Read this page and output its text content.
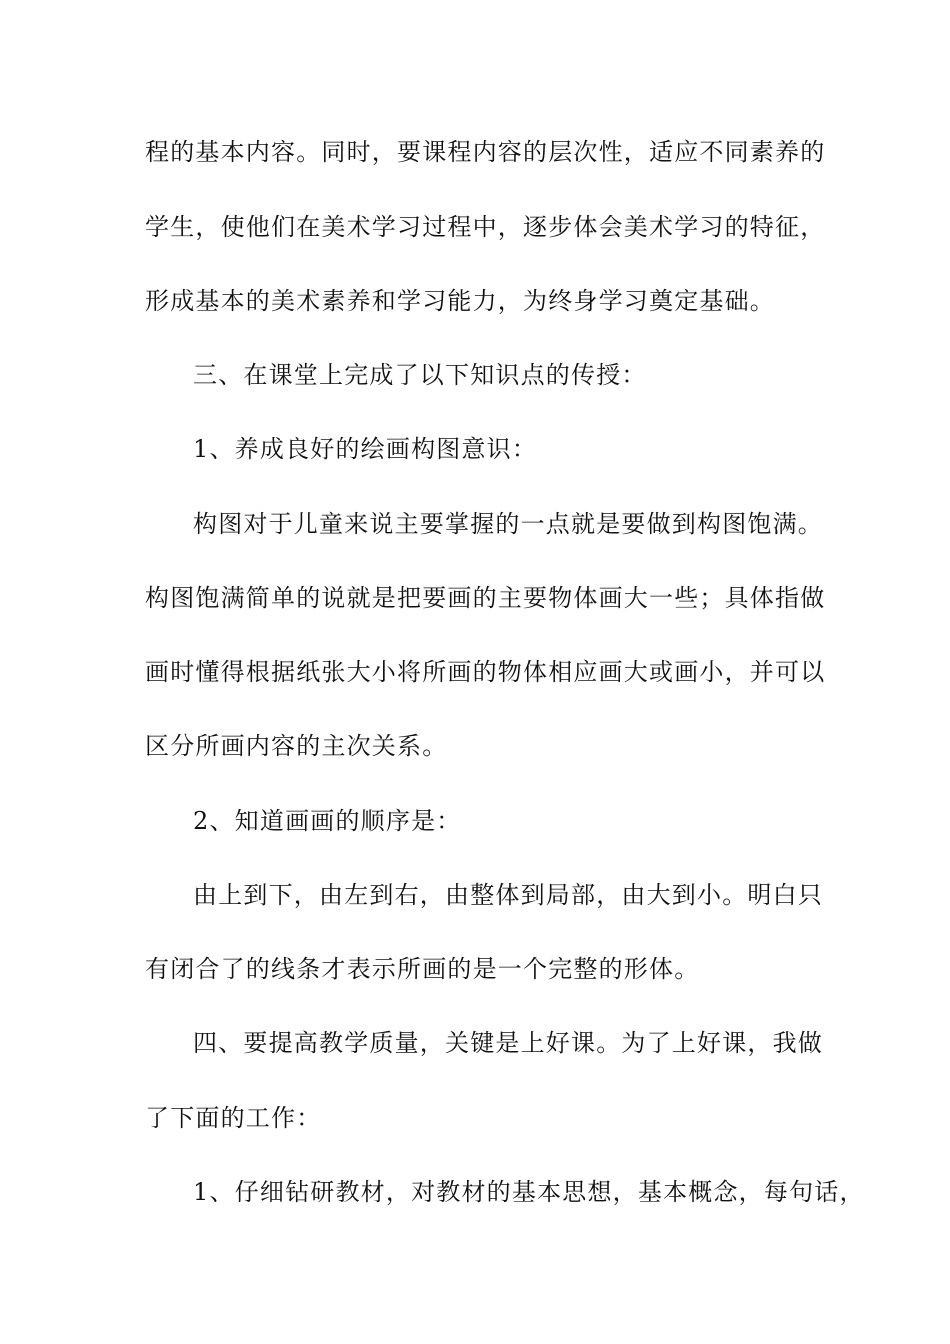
程的基本内容。同时，要课程内容的层次性，适应不同素养的
学生，使他们在美术学习过程中，逐步体会美术学习的特征，
形成基本的美术素养和学习能力，为终身学习奠定基础。
三、在课堂上完成了以下知识点的传授：
1、养成良好的绘画构图意识：
构图对于儿童来说主要掌握的一点就是要做到构图饱满。
构图饱满简单的说就是把要画的主要物体画大一些；具体指做
画时懂得根据纸张大小将所画的物体相应画大或画小，并可以
区分所画内容的主次关系。
2、知道画画的顺序是：
由上到下，由左到右，由整体到局部，由大到小。明白只
有闭合了的线条才表示所画的是一个完整的形体。
四、要提高教学质量，关键是上好课。为了上好课，我做
了下面的工作：
1、仔细钻研教材，对教材的基本思想，基本概念，每句话，
